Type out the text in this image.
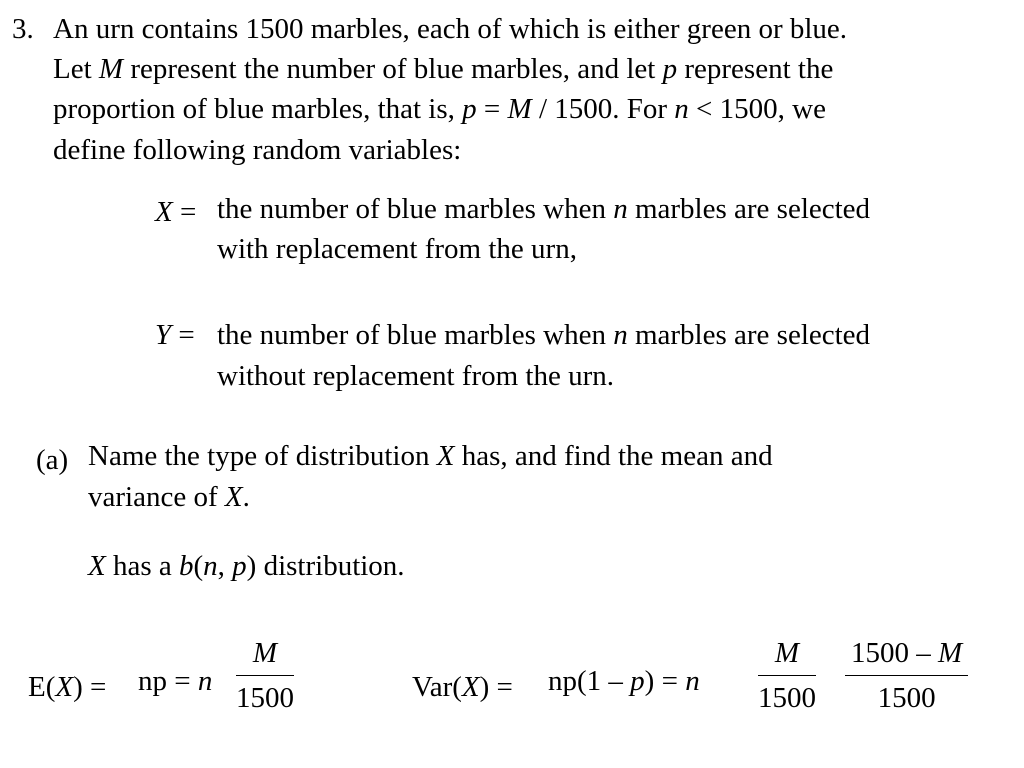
3. An urn contains 1500 marbles, each of which is either green or blue.
Let M represent the number of blue marbles, and let p represent the
proportion of blue marbles, that is, p = M / 1500. For n < 1500, we
define following random variables:
X = the number of blue marbles when n marbles are selected
with replacement from the urn,
Y = the number of blue marbles when n marbles are selected
without replacement from the urn.
(a) Name the type of distribution X has, and find the mean and
variance of X.
X has a b(n, p) distribution.
E(X) = np = n
M
1500	Var(X) = np(1 – p) = n
M
1500
1500 – M
1500
